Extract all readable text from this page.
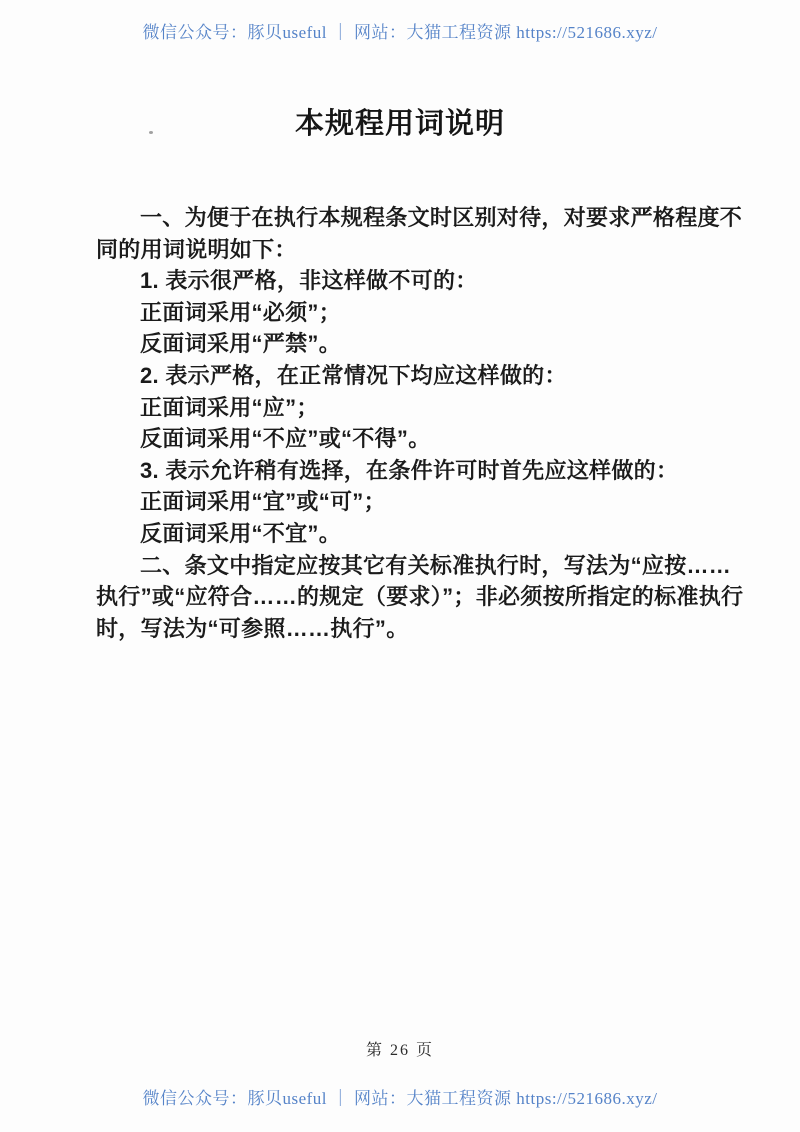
微信公众号：豚贝useful ｜ 网站：大猫工程资源 https://521686.xyz/
本规程用词说明
一、为便于在执行本规程条文时区别对待，对要求严格程度不
同的用词说明如下：
1. 表示很严格，非这样做不可的：
正面词采用“必须”；
反面词采用“严禁”。
2. 表示严格，在正常情况下均应这样做的：
正面词采用“应”；
反面词采用“不应”或“不得”。
3. 表示允许稍有选择，在条件许可时首先应这样做的：
正面词采用“宜”或“可”；
反面词采用“不宜”。
二、条文中指定应按其它有关标准执行时，写法为“应按……
执行”或“应符合……的规定（要求）”；非必须按所指定的标准执行
时，写法为“可参照……执行”。
第 26 页
微信公众号：豚贝useful ｜ 网站：大猫工程资源 https://521686.xyz/
